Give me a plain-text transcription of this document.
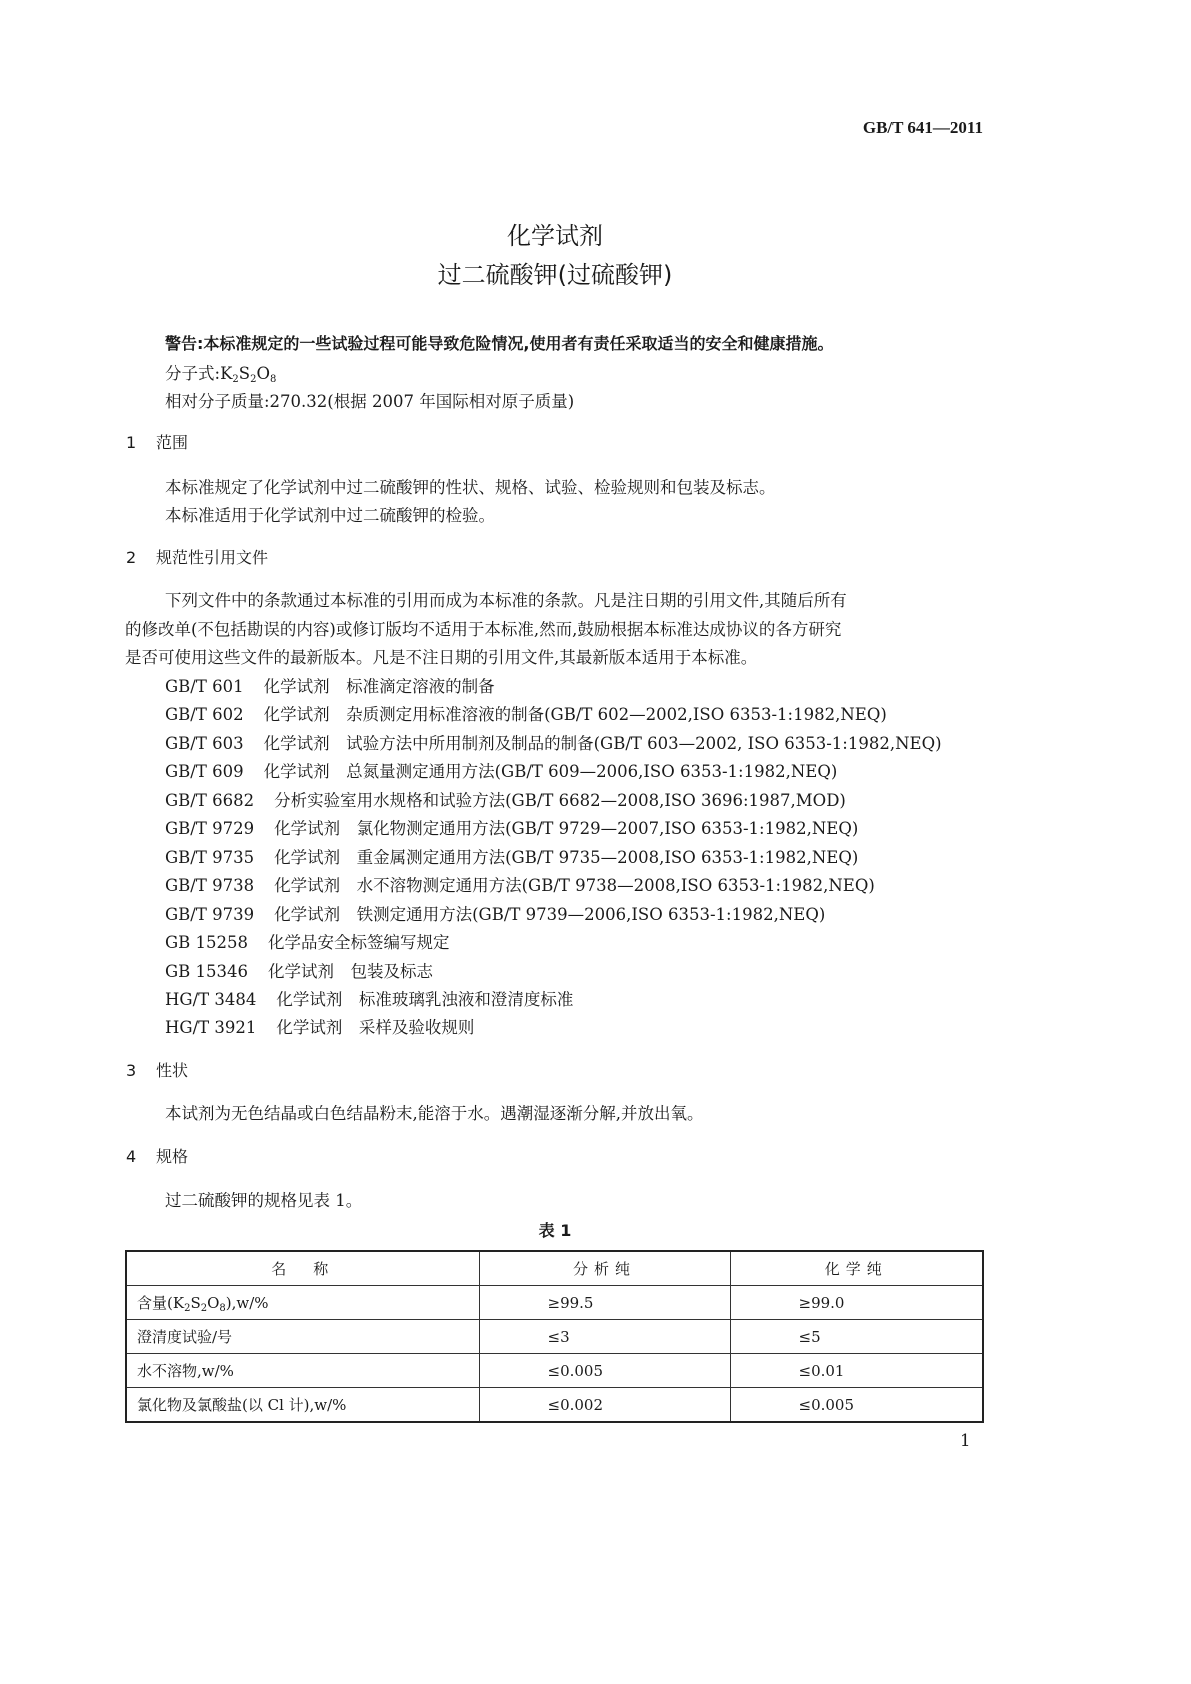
GB/T 641—2011
化学试剂
过二硫酸钾(过硫酸钾)
警告:本标准规定的一些试验过程可能导致危险情况,使用者有责任采取适当的安全和健康措施。
分子式$:K_2S_2O_8$
相对分子质量:270.32(根据 2007 年国际相对原子质量)
1 范围
本标准规定了化学试剂中过二硫酸钾的性状、规格、试验、检验规则和包装及标志。
本标准适用于化学试剂中过二硫酸钾的检验。
2 规范性引用文件
下列文件中的条款通过本标准的引用而成为本标准的条款。凡是注日期的引用文件,其随后所有
的修改单(不包括勘误的内容)或修订版均不适用于本标准,然而,鼓励根据本标准达成协议的各方研究
是否可使用这些文件的最新版本。凡是不注日期的引用文件,其最新版本适用于本标准。
GB/T 601 化学试剂　标准滴定溶液的制备
GB/T 602 化学试剂　杂质测定用标准溶液的制备(GB/T 602—2002,ISO 6353-1:1982,NEQ)
GB/T 603 化学试剂　试验方法中所用制剂及制品的制备(GB/T 603—2002, ISO 6353-1:1982,NEQ)
GB/T 609 化学试剂　总氮量测定通用方法(GB/T 609—2006,ISO 6353-1:1982,NEQ)
GB/T 6682 分析实验室用水规格和试验方法(GB/T 6682—2008,ISO 3696:1987,MOD)
GB/T 9729 化学试剂　氯化物测定通用方法(GB/T 9729—2007,ISO 6353-1:1982,NEQ)
GB/T 9735 化学试剂　重金属测定通用方法(GB/T 9735—2008,ISO 6353-1:1982,NEQ)
GB/T 9738 化学试剂　水不溶物测定通用方法(GB/T 9738—2008,ISO 6353-1:1982,NEQ)
GB/T 9739 化学试剂　铁测定通用方法(GB/T 9739—2006,ISO 6353-1:1982,NEQ)
GB 15258 化学品安全标签编写规定
GB 15346 化学试剂　包装及标志
HG/T 3484 化学试剂　标准玻璃乳浊液和澄清度标准
HG/T 3921 化学试剂　采样及验收规则
3 性状
本试剂为无色结晶或白色结晶粉末,能溶于水。遇潮湿逐渐分解,并放出氧。
4 规格
过二硫酸钾的规格见表 1。
表 1
名　称	分析纯	化学纯
含量$(K_2S_2O_8),w/\%$	≥99.5	≥99.0
澄清度试验/号	≤3	≤5
水不溶物,w/%	≤0.005	≤0.01
氯化物及氯酸盐(以 Cl 计),w/%	≤0.002	≤0.005
1
